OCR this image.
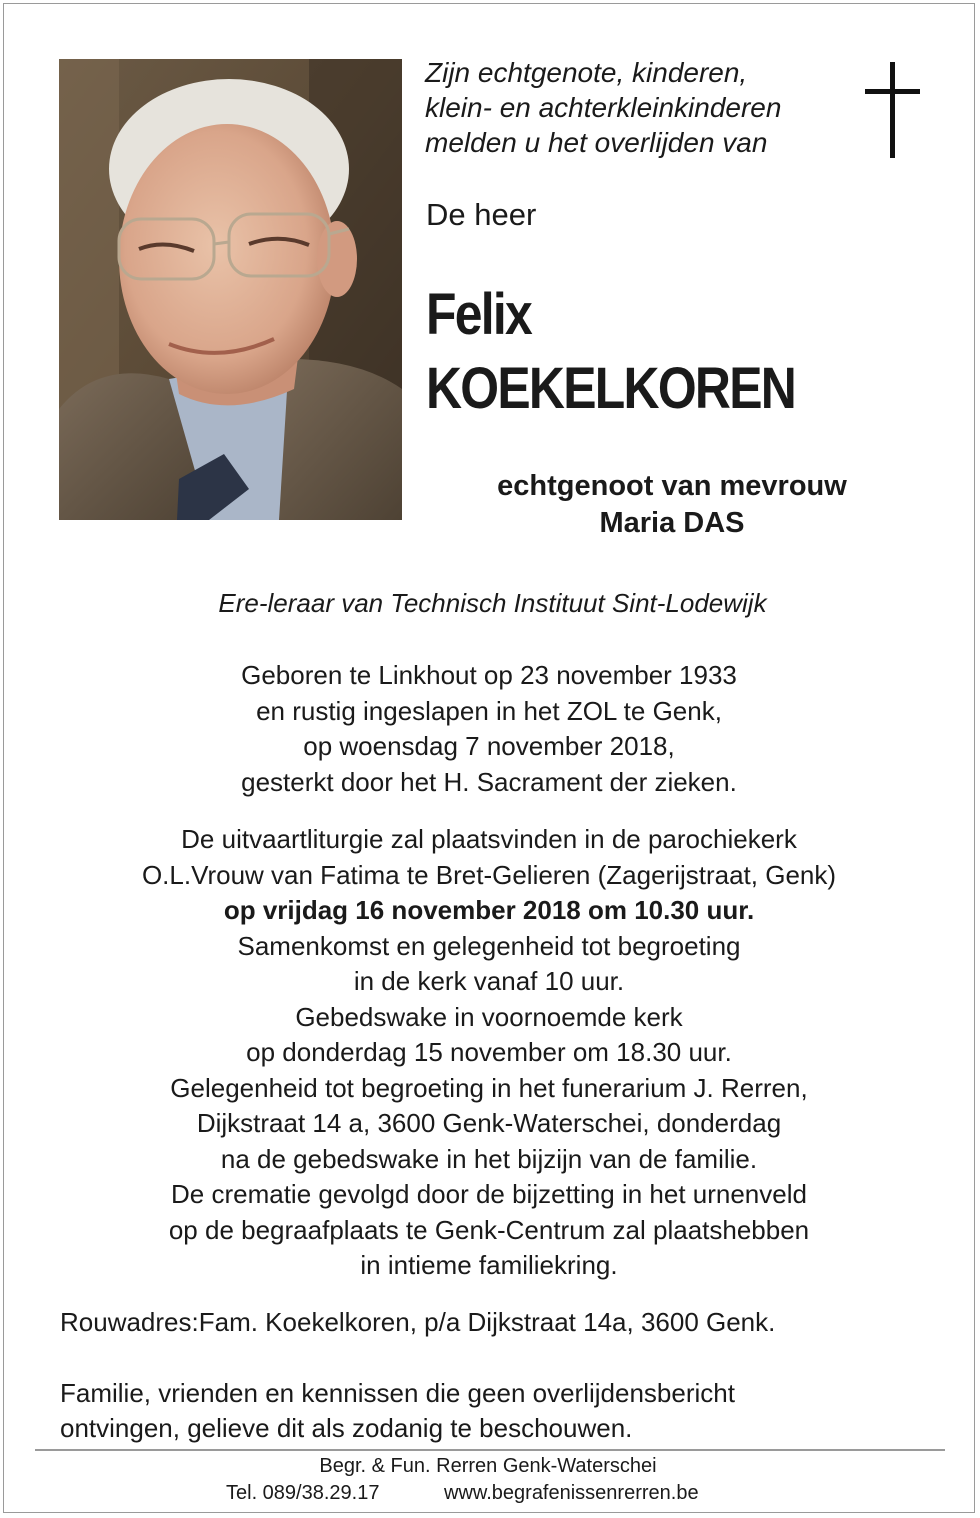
Zijn echtgenote, kinderen,
klein- en achterkleinkinderen
melden u het overlijden van
De heer
Felix
KOEKELKOREN
echtgenoot van mevrouw
Maria DAS
Ere-leraar van Technisch Instituut Sint-Lodewijk
Geboren te Linkhout op 23 november 1933
en rustig ingeslapen in het ZOL te Genk,
op woensdag 7 november 2018,
gesterkt door het H. Sacrament der zieken.
De uitvaartliturgie zal plaatsvinden in de parochiekerk
O.L.Vrouw van Fatima te Bret-Gelieren (Zagerijstraat, Genk)
op vrijdag 16 november 2018 om 10.30 uur.
Samenkomst en gelegenheid tot begroeting
in de kerk vanaf 10 uur.
Gebedswake in voornoemde kerk
op donderdag 15 november om 18.30 uur.
Gelegenheid tot begroeting in het funerarium J. Rerren,
Dijkstraat 14 a, 3600 Genk-Waterschei, donderdag
na de gebedswake in het bijzijn van de familie.
De crematie gevolgd door de bijzetting in het urnenveld
op de begraafplaats te Genk-Centrum zal plaatshebben
in intieme familiekring.
Rouwadres:Fam. Koekelkoren, p/a Dijkstraat 14a, 3600 Genk.
Familie, vrienden en kennissen die geen overlijdensbericht
ontvingen, gelieve dit als zodanig te beschouwen.
Begr. & Fun. Rerren Genk-Waterschei
Tel. 089/38.29.17	www.begrafenissenrerren.be
